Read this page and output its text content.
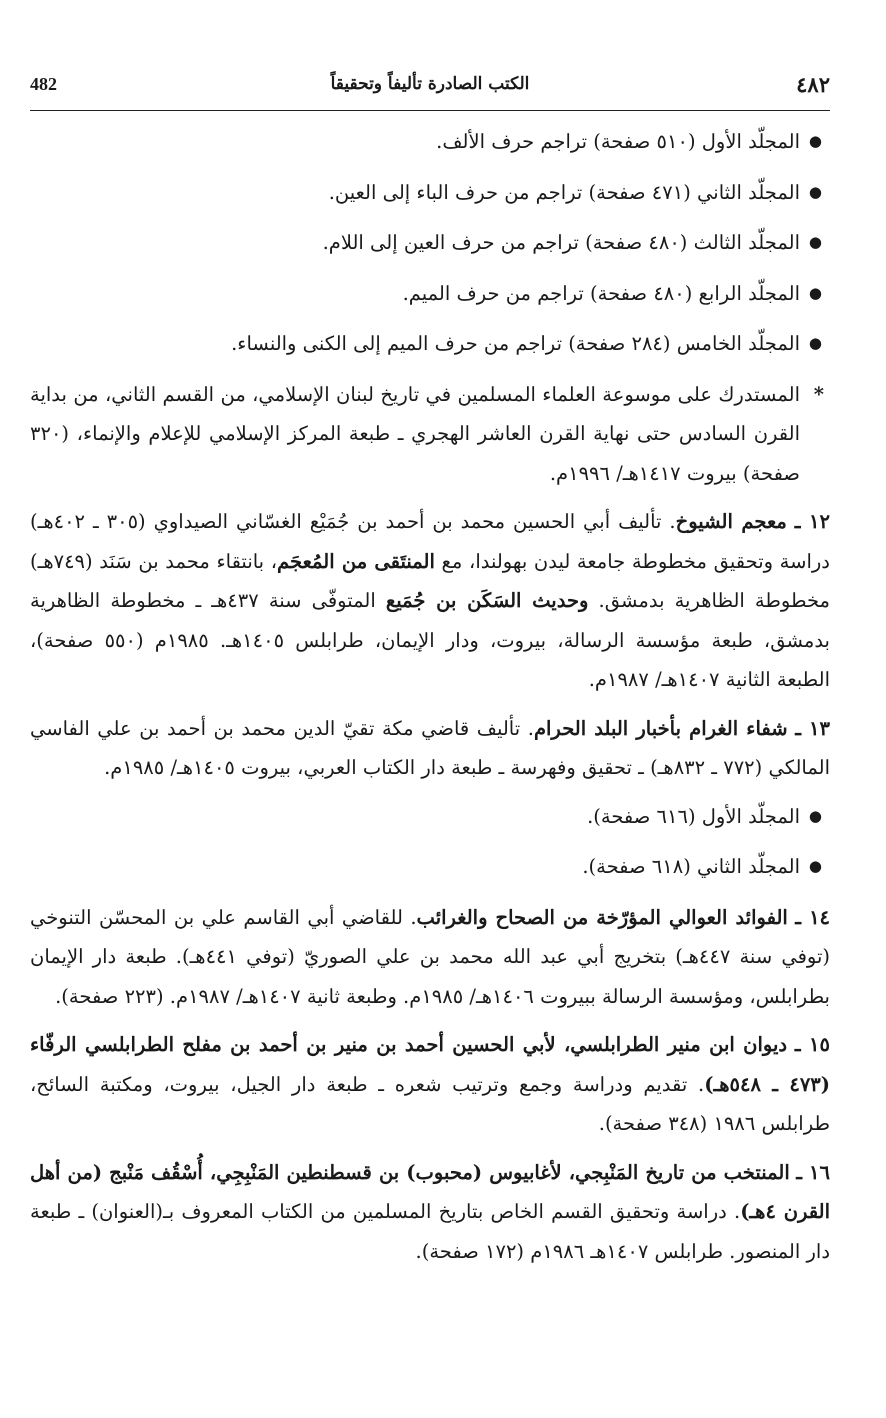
482	الكتب الصادرة تأليفاً وتحقيقاً	٤٨٢
● المجلّد الأول (٥١٠ صفحة) تراجم حرف الألف.
● المجلّد الثاني (٤٧١ صفحة) تراجم من حرف الباء إلى العين.
● المجلّد الثالث (٤٨٠ صفحة) تراجم من حرف العين إلى اللام.
● المجلّد الرابع (٤٨٠ صفحة) تراجم من حرف الميم.
● المجلّد الخامس (٢٨٤ صفحة) تراجم من حرف الميم إلى الكنى والنساء.
*
المستدرك على موسوعة العلماء المسلمين في تاريخ لبنان الإسلامي، من القسم الثاني، من بداية القرن السادس حتى نهاية القرن العاشر الهجري ـ طبعة المركز الإسلامي للإعلام والإنماء، (٣٢٠ صفحة) بيروت ١٤١٧هـ/ ١٩٩٦م.
١٢ ـ معجم الشيوخ. تأليف أبي الحسين محمد بن أحمد بن جُمَيْع الغسّاني الصيداوي (٣٠٥ ـ ٤٠٢هـ) دراسة وتحقيق مخطوطة جامعة ليدن بهولندا، مع المنتَقى من المُعجَم، بانتقاء محمد بن سَنَد (٧٤٩هـ) مخطوطة الظاهرية بدمشق. وحديث السَكَن بن جُمَيع المتوفّى سنة ٤٣٧هـ ـ مخطوطة الظاهرية بدمشق، طبعة مؤسسة الرسالة، بيروت، ودار الإيمان، طرابلس ١٤٠٥هـ. ١٩٨٥م (٥٥٠ صفحة)، الطبعة الثانية ١٤٠٧هـ/ ١٩٨٧م.
١٣ ـ شفاء الغرام بأخبار البلد الحرام. تأليف قاضي مكة تقيّ الدين محمد بن أحمد بن علي الفاسي المالكي (٧٧٢ ـ ٨٣٢هـ) ـ تحقيق وفهرسة ـ طبعة دار الكتاب العربي، بيروت ١٤٠٥هـ/ ١٩٨٥م.
● المجلّد الأول (٦١٦ صفحة).
● المجلّد الثاني (٦١٨ صفحة).
١٤ ـ الفوائد العوالي المؤرّخة من الصحاح والغرائب. للقاضي أبي القاسم علي بن المحسّن التنوخي (توفي سنة ٤٤٧هـ) بتخريج أبي عبد الله محمد بن علي الصوريّ (توفي ٤٤١هـ). طبعة دار الإيمان بطرابلس، ومؤسسة الرسالة ببيروت ١٤٠٦هـ/ ١٩٨٥م. وطبعة ثانية ١٤٠٧هـ/ ١٩٨٧م. (٢٢٣ صفحة).
١٥ ـ ديوان ابن منير الطرابلسي، لأبي الحسين أحمد بن منير بن أحمد بن مفلح الطرابلسي الرفّاء (٤٧٣ ـ ٥٤٨هـ). تقديم ودراسة وجمع وترتيب شعره ـ طبعة دار الجيل، بيروت، ومكتبة السائح، طرابلس ١٩٨٦ (٣٤٨ صفحة).
١٦ ـ المنتخب من تاريخ المَنْبِجي، لأغابيوس (محبوب) بن قسطنطين المَنْبِجِي، أُسْقُف مَنْبج (من أهل القرن ٤هـ). دراسة وتحقيق القسم الخاص بتاريخ المسلمين من الكتاب المعروف بـ(العنوان) ـ طبعة دار المنصور. طرابلس ١٤٠٧هـ ١٩٨٦م (١٧٢ صفحة).
